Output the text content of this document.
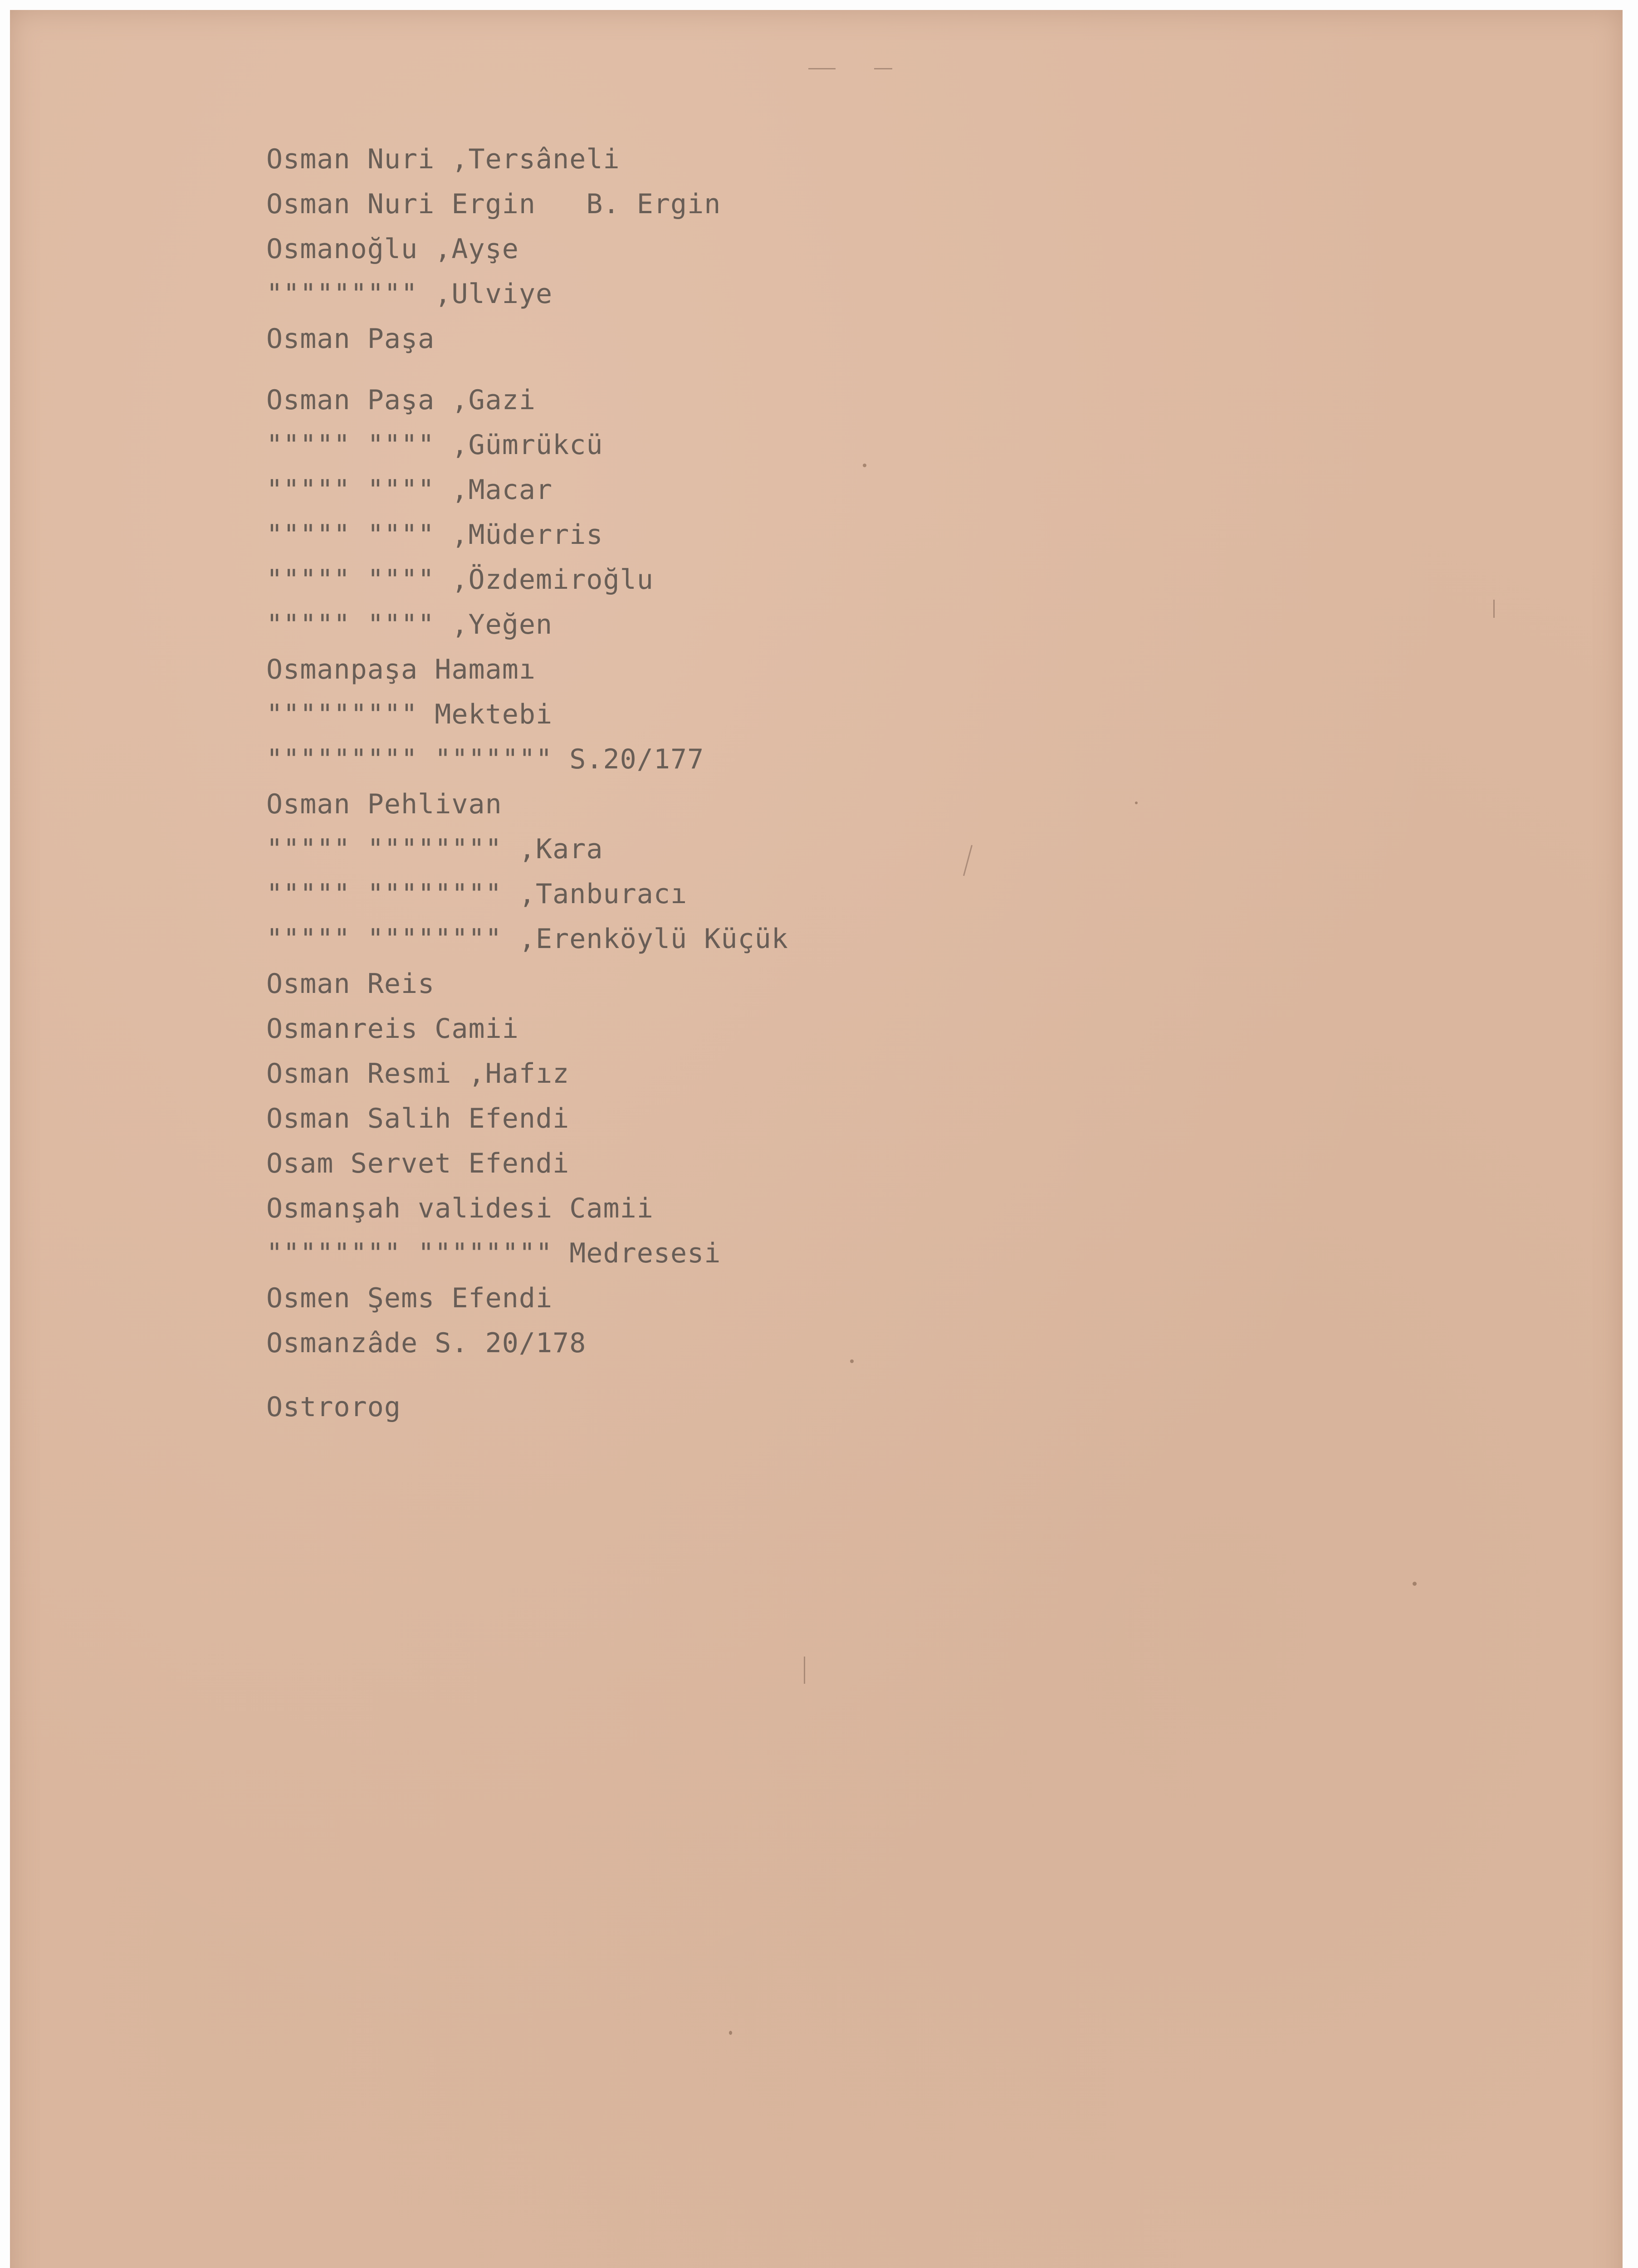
Osman Nuri ,Tersâneli
Osman Nuri Ergin   B. Ergin
Osmanoğlu ,Ayşe
""""""""" ,Ulviye
Osman Paşa
Osman Paşa ,Gazi
""""" """" ,Gümrükcü
""""" """" ,Macar
""""" """" ,Müderris
""""" """" ,Özdemiroğlu
""""" """" ,Yeğen
Osmanpaşa Hamamı
""""""""" Mektebi
""""""""" """"""" S.20/177
Osman Pehlivan
""""" """""""" ,Kara
""""" """""""" ,Tanburacı
""""" """""""" ,Erenköylü Küçük
Osman Reis
Osmanreis Camii
Osman Resmi ,Hafız
Osman Salih Efendi
Osam Servet Efendi
Osmanşah validesi Camii
"""""""" """""""" Medresesi
Osmen Şems Efendi
Osmanzâde S. 20/178
Ostrorog
